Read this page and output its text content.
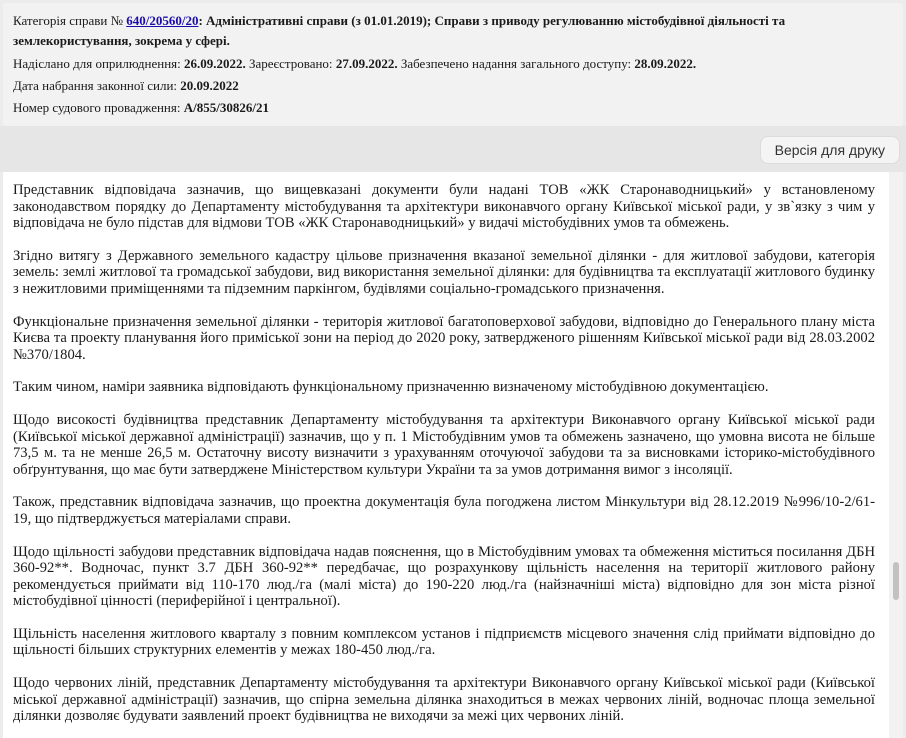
Категорія справи № 640/20560/20: Адміністративні справи (з 01.01.2019); Справи з приводу регулюванню містобудівної діяльності та землекористування, зокрема у сфері.
Надіслано для оприлюднення: 26.09.2022. Зареєстровано: 27.09.2022. Забезпечено надання загального доступу: 28.09.2022.
Дата набрання законної сили: 20.09.2022
Номер судового провадження: А/855/30826/21
Версія для друку

Представник відповідача зазначив, що вищевказані документи були надані ТОВ «ЖК Старонаводницький» у встановленому законодавством порядку до Департаменту містобудування та архітектури виконавчого органу Київської міської ради, у зв`язку з чим у відповідача не було підстав для відмови ТОВ «ЖК Старонаводницький» у видачі містобудівних умов та обмежень.

Згідно витягу з Державного земельного кадастру цільове призначення вказаної земельної ділянки - для житлової забудови, категорія земель: землі житлової та громадської забудови, вид використання земельної ділянки: для будівництва та експлуатації житлового будинку з нежитловими приміщеннями та підземним паркінгом, будівлями соціально-громадського призначення.

Функціональне призначення земельної ділянки - територія житлової багатоповерхової забудови, відповідно до Генерального плану міста Києва та проекту планування його приміської зони на період до 2020 року, затвердженого рішенням Київської міської ради від 28.03.2002 №370/1804.

Таким чином, наміри заявника відповідають функціональному призначенню визначеному містобудівною документацією.

Щодо високості будівництва представник Департаменту містобудування та архітектури Виконавчого органу Київської міської ради (Київської міської державної адміністрації) зазначив, що у п. 1 Містобудівним умов та обмежень зазначено, що умовна висота не більше 73,5 м. та не менше 26,5 м. Остаточну висоту визначити з урахуванням оточуючої забудови та за висновками історико-містобудівного обґрунтування, що має бути затверджене Міністерством культури України та за умов дотримання вимог з інсоляції.

Також, представник відповідача зазначив, що проектна документація була погоджена листом Мінкультури від 28.12.2019 №996/10-2/61-19, що підтверджується матеріалами справи.

Щодо щільності забудови представник відповідача надав пояснення, що в Містобудівним умовах та обмеження міститься посилання ДБН 360-92**. Водночас, пункт 3.7 ДБН 360-92** передбачає, що розрахункову щільність населення на території житлового району рекомендується приймати від 110-170 люд./га (малі міста) до 190-220 люд./га (найзначніші міста) відповідно для зон міста різної містобудівної цінності (периферійної і центральної).

Щільність населення житлового кварталу з повним комплексом установ і підприємств місцевого значення слід приймати відповідно до щільності більших структурних елементів у межах 180-450 люд./га.

Щодо червоних ліній, представник Департаменту містобудування та архітектури Виконавчого органу Київської міської ради (Київської міської державної адміністрації) зазначив, що спірна земельна ділянка знаходиться в межах червоних ліній, водночас площа земельної ділянки дозволяє будувати заявлений проект будівництва не виходячи за межі цих червоних ліній.
